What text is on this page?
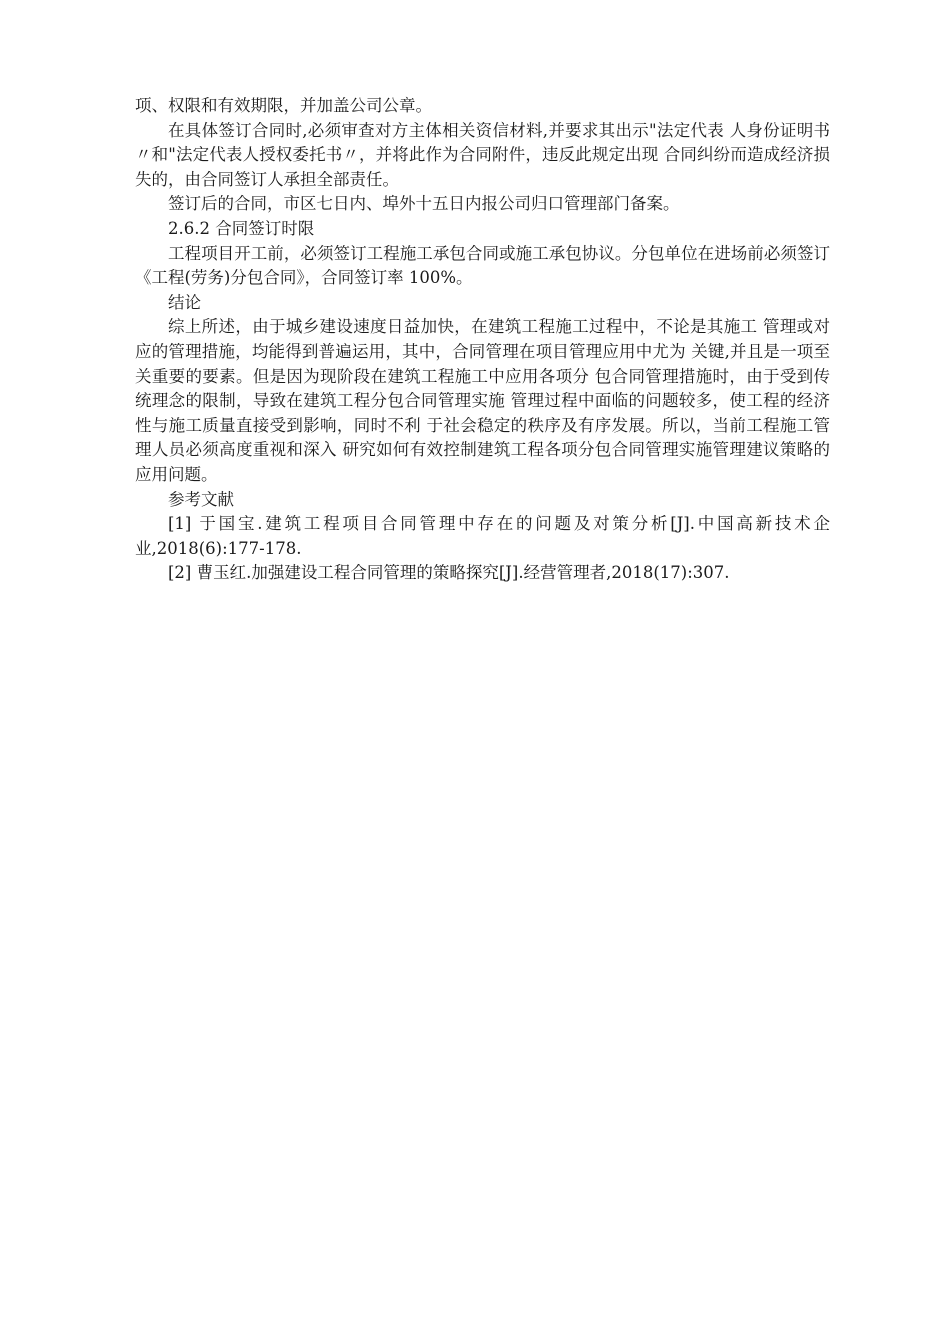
项、权限和有效期限，并加盖公司公章。

在具体签订合同时,必须审查对方主体相关资信材料,并要求其出示"法定代表 人身份证明书〃和"法定代表人授权委托书〃，并将此作为合同附件，违反此规定出现 合同纠纷而造成经济损失的，由合同签订人承担全部责任。

签订后的合同，市区七日内、埠外十五日内报公司归口管理部门备案。

2.6.2 合同签订时限

工程项目开工前，必须签订工程施工承包合同或施工承包协议。分包单位在进场前必须签订《工程(劳务)分包合同》，合同签订率 100%。

结论

综上所述，由于城乡建设速度日益加快，在建筑工程施工过程中，不论是其施工 管理或对应的管理措施，均能得到普遍运用，其中，合同管理在项目管理应用中尤为 关键,并且是一项至关重要的要素。但是因为现阶段在建筑工程施工中应用各项分 包合同管理措施时，由于受到传统理念的限制，导致在建筑工程分包合同管理实施 管理过程中面临的问题较多，使工程的经济性与施工质量直接受到影响，同时不利 于社会稳定的秩序及有序发展。所以，当前工程施工管理人员必须高度重视和深入 研究如何有效控制建筑工程各项分包合同管理实施管理建议策略的应用问题。

参考文献

[1] 于国宝.建筑工程项目合同管理中存在的问题及对策分析[J].中国高新技术企业,2018(6):177-178.

[2] 曹玉红.加强建设工程合同管理的策略探究[J].经营管理者,2018(17):307.
